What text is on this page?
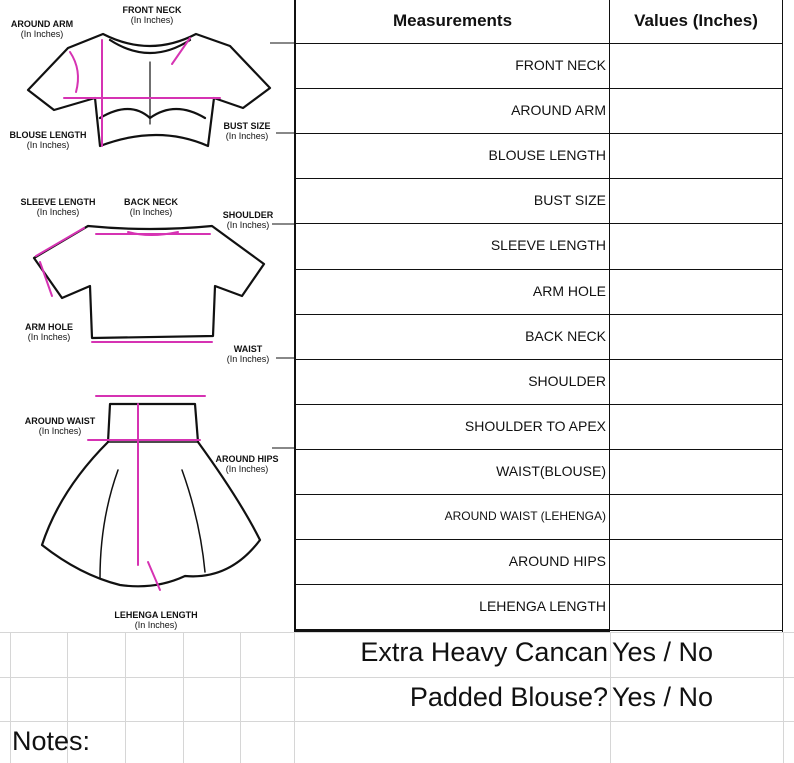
AROUND ARM
(In Inches)
FRONT NECK
(In Inches)
BLOUSE LENGTH
(In Inches)
BUST SIZE
(In Inches)
SLEEVE LENGTH
(In Inches)
BACK NECK
(In Inches)	SHOULDER
(In Inches)
ARM HOLE
(In Inches)
WAIST
(In Inches)
AROUND WAIST
(In Inches)
AROUND HIPS
(In Inches)
LEHENGA LENGTH
(In Inches)
Measurements	Values (Inches)
FRONT NECK
AROUND ARM
BLOUSE LENGTH
BUST SIZE
SLEEVE LENGTH
ARM HOLE
BACK NECK
SHOULDER
SHOULDER TO APEX
WAIST(BLOUSE)
AROUND WAIST (LEHENGA)
AROUND HIPS
LEHENGA LENGTH
Extra Heavy Cancan Yes / No
Padded Blouse? Yes / No
Notes:
